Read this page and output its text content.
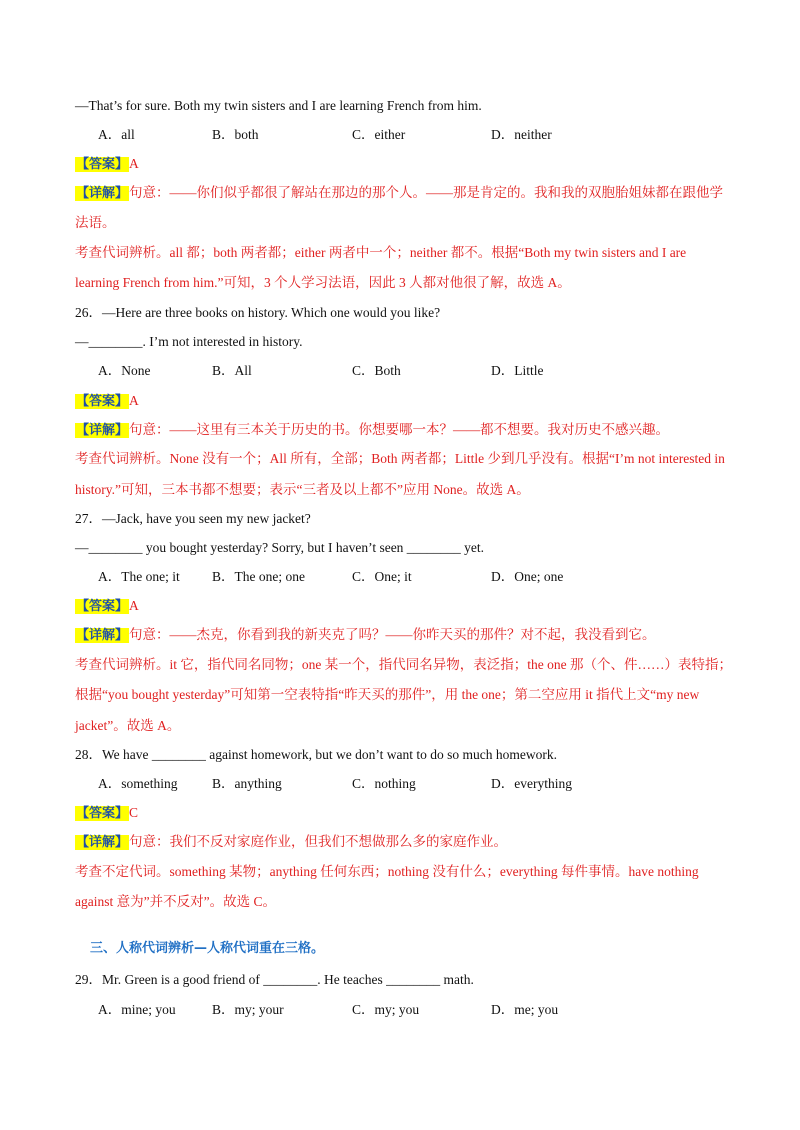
—That’s for sure. Both my twin sisters and I are learning French from him.
A．all	B．both	C．either	D．neither
【答案】A
【详解】句意：——你们似乎都很了解站在那边的那个人。——那是肯定的。我和我的双胞胎姐妹都在跟他学
法语。
考查代词辨析。all 都；both 两者都；either 两者中一个；neither 都不。根据“Both my twin sisters and I are
learning French from him.”可知，3 个人学习法语，因此 3 人都对他很了解，故选 A。
26．—Here are three books on history. Which one would you like?
—________. I’m not interested in history.
A．None	B．All	C．Both	D．Little
【答案】A
【详解】句意：——这里有三本关于历史的书。你想要哪一本？——都不想要。我对历史不感兴趣。
考查代词辨析。None 没有一个；All 所有，全部；Both 两者都；Little 少到几乎没有。根据“I’m not interested in
history.”可知，三本书都不想要；表示“三者及以上都不”应用 None。故选 A。
27．—Jack, have you seen my new jacket?
—________ you bought yesterday? Sorry, but I haven’t seen ________ yet.
A．The one; it B．The one; one	C．One; it	D．One; one
【答案】A
【详解】句意：——杰克，你看到我的新夹克了吗？——你昨天买的那件？对不起，我没看到它。
考查代词辨析。it 它，指代同名同物；one 某一个，指代同名异物，表泛指；the one 那（个、件……）表特指；
根据“you bought yesterday”可知第一空表特指“昨天买的那件”，用 the one；第二空应用 it 指代上文“my new
jacket”。故选 A。
28．We have ________ against homework, but we don’t want to do so much homework.
A．something	B．anything	C．nothing	D．everything
【答案】C
【详解】句意：我们不反对家庭作业，但我们不想做那么多的家庭作业。
考查不定代词。something 某物；anything 任何东西；nothing 没有什么；everything 每件事情。have nothing
against 意为”并不反对”。故选 C。
三、人称代词辨析—人称代词重在三格。
29．Mr. Green is a good friend of ________. He teaches ________ math.
A．mine; you	B．my; your	C．my; you	D．me; you
